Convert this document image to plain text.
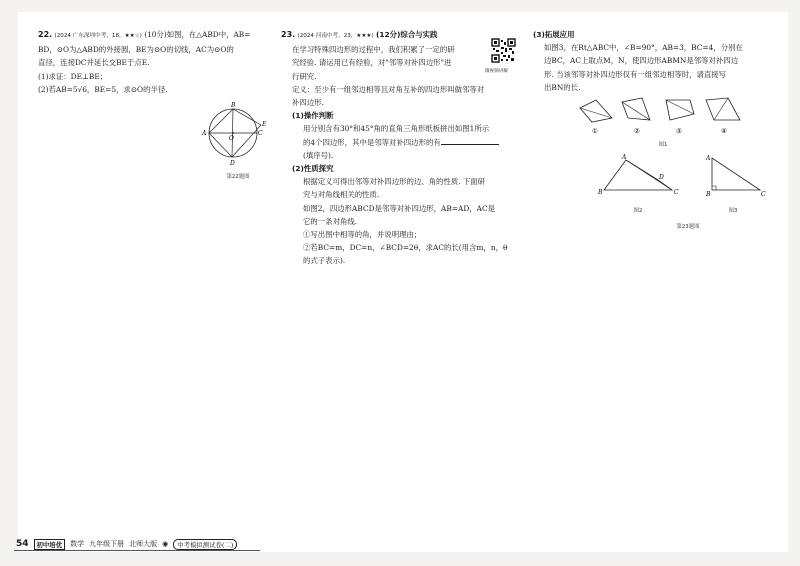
22. (2024 广东深圳中考，18，★★☆) (10分)如图，在△ABD中，AB=
BD，⊙O为△ABD的外接圆，BE为⊙O的切线，AC为⊙O的
直径，连接DC并延长交BE于点E.
(1)求证：DE⊥BE；
(2)若AB=5√6，BE=5，求⊙O的半径.
B
A
E
C
O
D
第22题图
23. (2024 河南中考，23，★★★) (12分)综合与实践
在学习特殊四边形的过程中，我们积累了一定的研
究经验. 请运用已有经验，对"邻等对补四边形"进
行研究.
定义：至少有一组邻边相等且对角互补的四边形叫做邻等对
补四边形.
(1)操作判断
用分别含有30°和45°角的直角三角形纸板拼出如图1所示
的4个四边形，其中是邻等对补四边形的有
(填序号).
(2)性质探究
根据定义可得出邻等对补四边形的边、角的性质. 下面研
究与对角线相关的性质.
如图2，四边形ABCD是邻等对补四边形，AB=AD，AC是
它的一条对角线.
①写出图中相等的角，并说明理由；
②若BC=m，DC=n，∠BCD=2θ，求AC的长(用含m，n，θ
的式子表示).
微视频讲解
(3)拓展应用
如图3，在Rt△ABC中，∠B=90°，AB=3，BC=4，分别在
边BC，AC上取点M，N，使四边形ABMN是邻等对补四边
形. 当该邻等对补四边形仅有一组邻边相等时，请直接写
出BN的长.
①	②	③	④
图1
A
D
B	C
图2
A
B	C
图3
第23题图
54	初中培优	数学 九年级下册 北师大版 ◉	中考模拟测试卷(二)
